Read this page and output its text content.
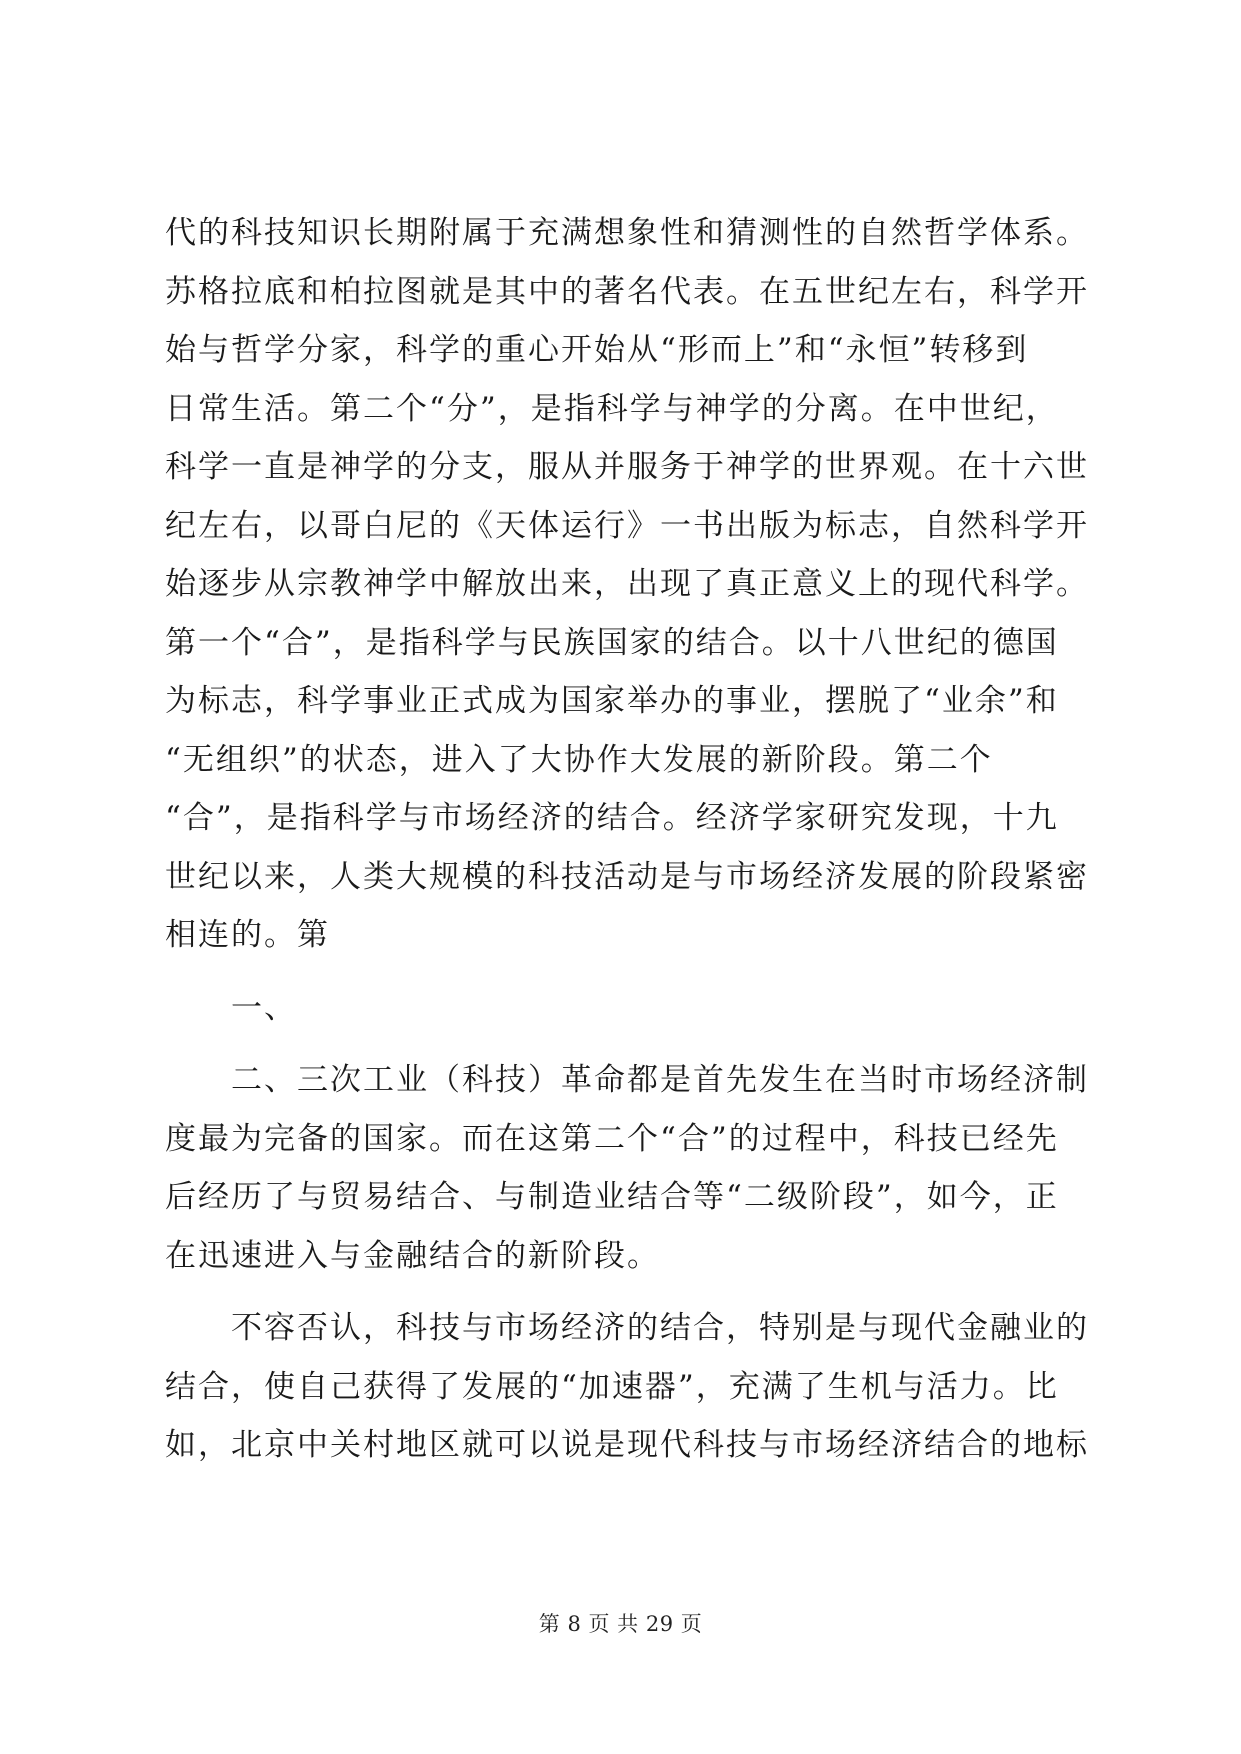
代的科技知识长期附属于充满想象性和猜测性的自然哲学体系。
苏格拉底和柏拉图就是其中的著名代表。在五世纪左右，科学开
始与哲学分家，科学的重心开始从“形而上”和“永恒”转移到
日常生活。第二个“分”，是指科学与神学的分离。在中世纪，
科学一直是神学的分支，服从并服务于神学的世界观。在十六世
纪左右，以哥白尼的《天体运行》一书出版为标志，自然科学开
始逐步从宗教神学中解放出来，出现了真正意义上的现代科学。
第一个“合”，是指科学与民族国家的结合。以十八世纪的德国
为标志，科学事业正式成为国家举办的事业，摆脱了“业余”和
“无组织”的状态，进入了大协作大发展的新阶段。第二个
“合”，是指科学与市场经济的结合。经济学家研究发现，十九
世纪以来，人类大规模的科技活动是与市场经济发展的阶段紧密
相连的。第
一、
二、三次工业（科技）革命都是首先发生在当时市场经济制
度最为完备的国家。而在这第二个“合”的过程中，科技已经先
后经历了与贸易结合、与制造业结合等“二级阶段”，如今，正
在迅速进入与金融结合的新阶段。
不容否认，科技与市场经济的结合，特别是与现代金融业的
结合，使自己获得了发展的“加速器”，充满了生机与活力。比
如，北京中关村地区就可以说是现代科技与市场经济结合的地标
第 8 页 共 29 页
